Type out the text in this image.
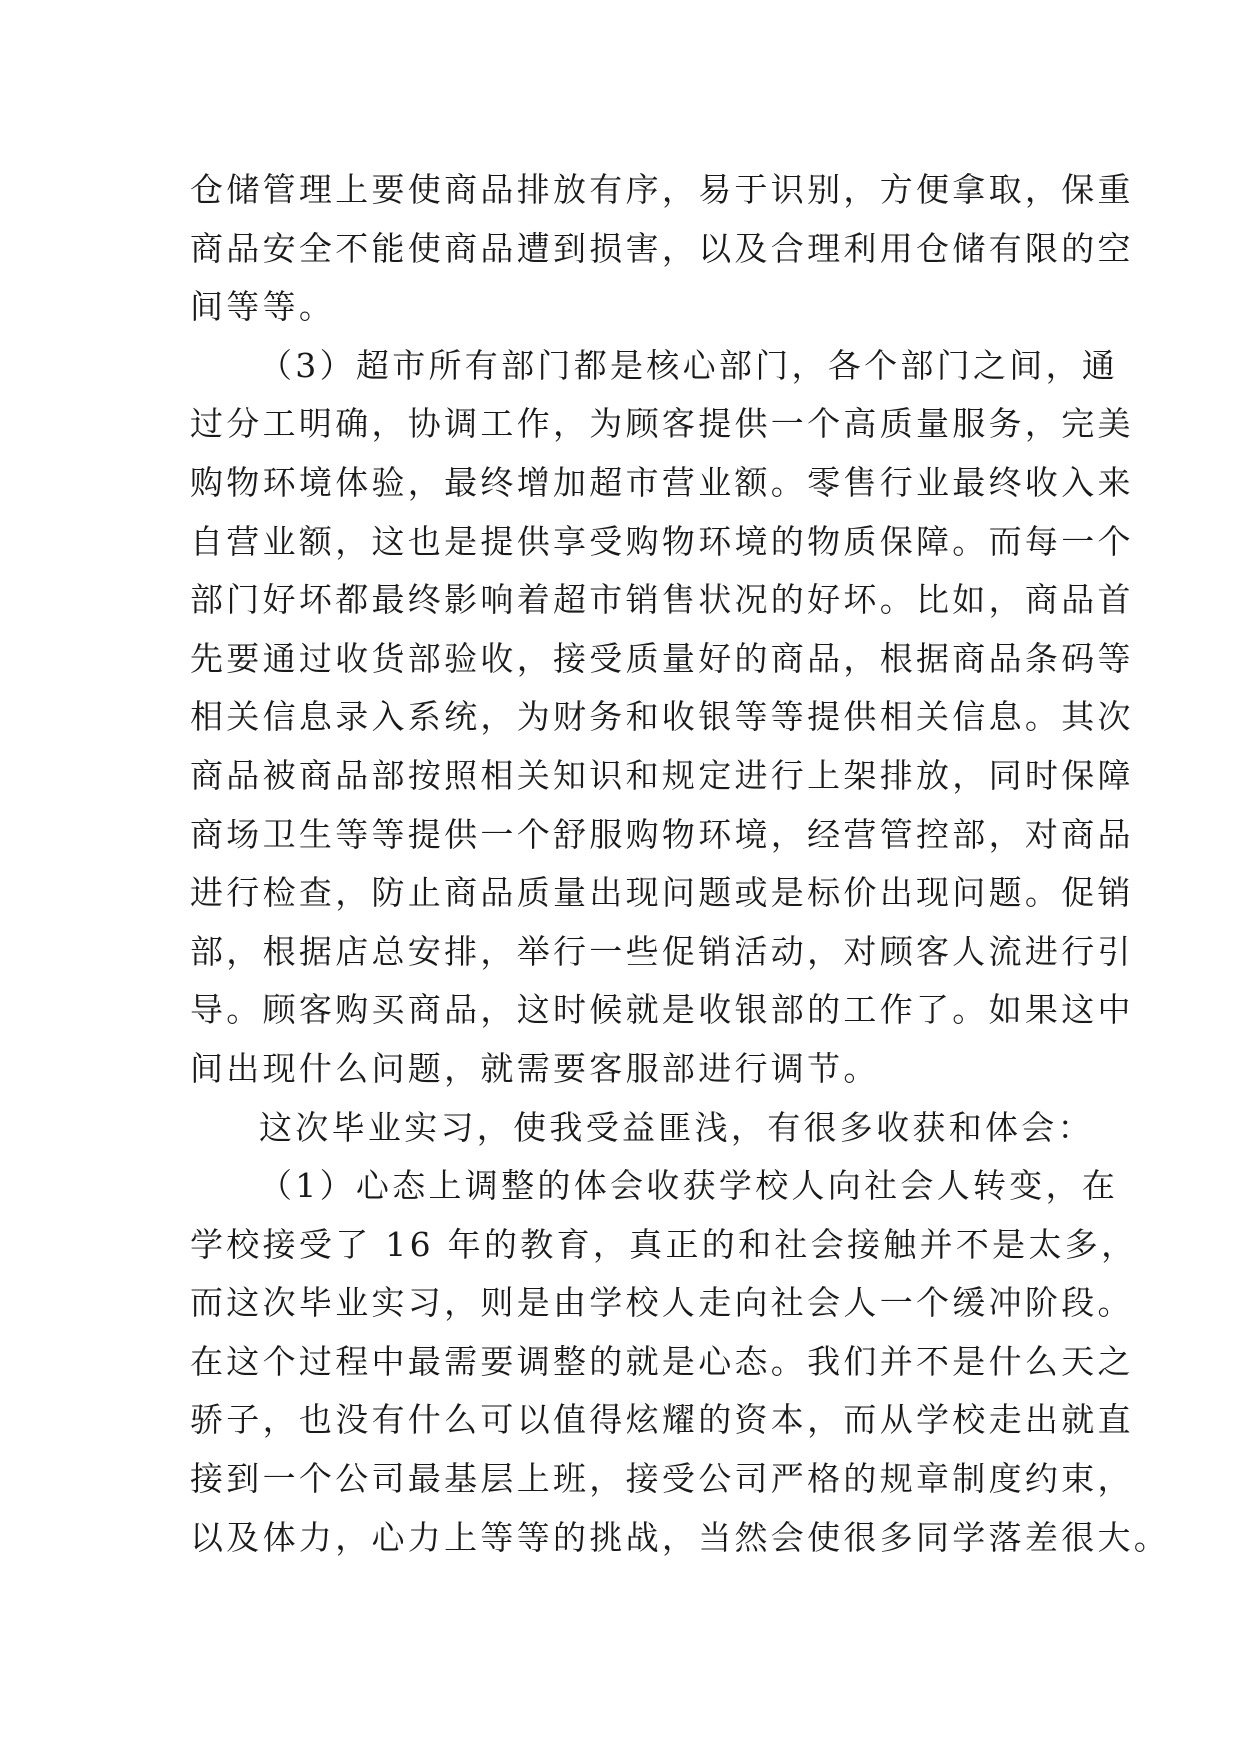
仓储管理上要使商品排放有序，易于识别，方便拿取，保重
商品安全不能使商品遭到损害，以及合理利用仓储有限的空
间等等。
（3）超市所有部门都是核心部门，各个部门之间，通
过分工明确，协调工作，为顾客提供一个高质量服务，完美
购物环境体验，最终增加超市营业额。零售行业最终收入来
自营业额，这也是提供享受购物环境的物质保障。而每一个
部门好坏都最终影响着超市销售状况的好坏。比如，商品首
先要通过收货部验收，接受质量好的商品，根据商品条码等
相关信息录入系统，为财务和收银等等提供相关信息。其次
商品被商品部按照相关知识和规定进行上架排放，同时保障
商场卫生等等提供一个舒服购物环境，经营管控部，对商品
进行检查，防止商品质量出现问题或是标价出现问题。促销
部，根据店总安排，举行一些促销活动，对顾客人流进行引
导。顾客购买商品，这时候就是收银部的工作了。如果这中
间出现什么问题，就需要客服部进行调节。
这次毕业实习，使我受益匪浅，有很多收获和体会：
（1）心态上调整的体会收获学校人向社会人转变，在
学校接受了 16 年的教育，真正的和社会接触并不是太多，
而这次毕业实习，则是由学校人走向社会人一个缓冲阶段。
在这个过程中最需要调整的就是心态。我们并不是什么天之
骄子，也没有什么可以值得炫耀的资本，而从学校走出就直
接到一个公司最基层上班，接受公司严格的规章制度约束，
以及体力，心力上等等的挑战，当然会使很多同学落差很大。
